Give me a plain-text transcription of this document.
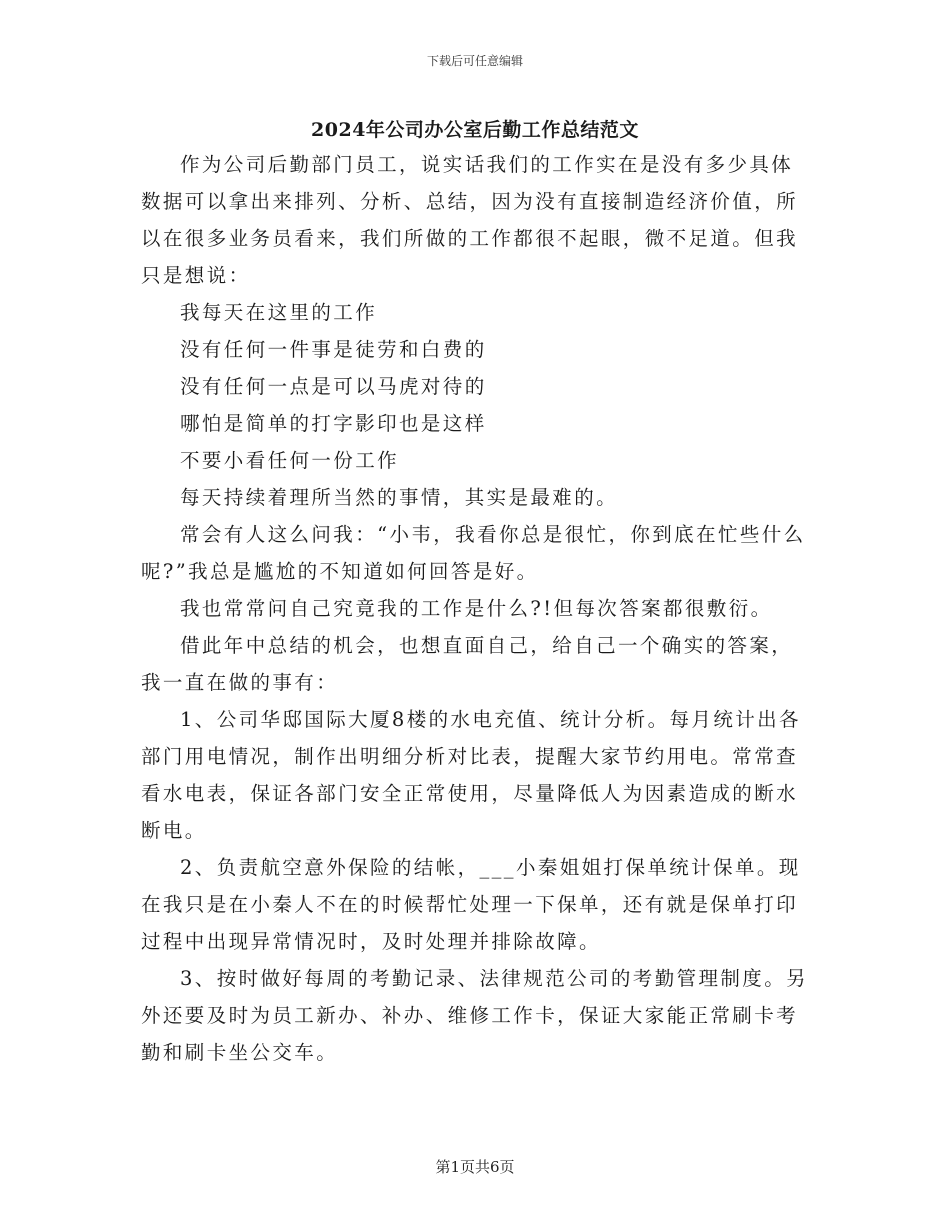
下载后可任意编辑
2024年公司办公室后勤工作总结范文

作为公司后勤部门员工，说实话我们的工作实在是没有多少具体数据可以拿出来排列、分析、总结，因为没有直接制造经济价值，所以在很多业务员看来，我们所做的工作都很不起眼，微不足道。但我只是想说：

我每天在这里的工作

没有任何一件事是徒劳和白费的

没有任何一点是可以马虎对待的

哪怕是简单的打字影印也是这样

不要小看任何一份工作

每天持续着理所当然的事情，其实是最难的。

常会有人这么问我：“小韦，我看你总是很忙，你到底在忙些什么呢?”我总是尴尬的不知道如何回答是好。

我也常常问自己究竟我的工作是什么?!但每次答案都很敷衍。

借此年中总结的机会，也想直面自己，给自己一个确实的答案，我一直在做的事有：

1、公司华邸国际大厦8楼的水电充值、统计分析。每月统计出各部门用电情况，制作出明细分析对比表，提醒大家节约用电。常常查看水电表，保证各部门安全正常使用，尽量降低人为因素造成的断水断电。

2、负责航空意外保险的结帐，___小秦姐姐打保单统计保单。现在我只是在小秦人不在的时候帮忙处理一下保单，还有就是保单打印过程中出现异常情况时，及时处理并排除故障。

3、按时做好每周的考勤记录、法律规范公司的考勤管理制度。另外还要及时为员工新办、补办、维修工作卡，保证大家能正常刷卡考勤和刷卡坐公交车。

第1页共6页
